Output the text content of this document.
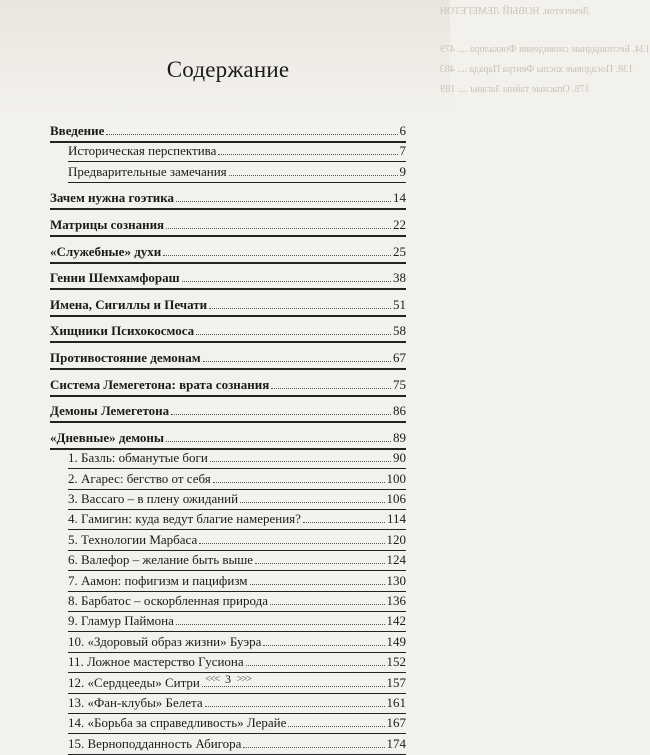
Лемегетон. НОВЫЙ ЛЕМЕГЕТОН
134. Беспощадные сновидения Фоккалора .... 479
138. Посадовые хоспы Фентра Парада .... 483
178. Опасные тайны Заганы .... 189
Содержание
Введение	6
Историческая перспектива	7
Предварительные замечания	9
Зачем нужна гоэтика	14
Матрицы сознания	22
«Служебные» духи	25
Гении Шемхамфораш	38
Имена, Сигиллы и Печати	51
Хищники Психокосмоса	58
Противостояние демонам	67
Система Лемегетона: врата сознания	75
Демоны Лемегетона	86
«Дневные» демоны	89
1. Базль: обманутые боги	90
2. Агарес: бегство от себя	100
3. Вассаго – в плену ожиданий	106
4. Гамигин: куда ведут благие намерения?	114
5. Технологии Марбаса	120
6. Валефор – желание быть выше	124
7. Аамон: пофигизм и пацифизм	130
8. Барбатос – оскорбленная природа	136
9. Гламур Паймона	142
10. «Здоровый образ жизни» Буэра	149
11. Ложное мастерство Гусиона	152
12. «Сердцееды» Ситри	157
13. «Фан-клубы» Белета	161
14. «Борьба за справедливость» Лерайе	167
15. Верноподданность Абигора	174
<<< 3 >>>
